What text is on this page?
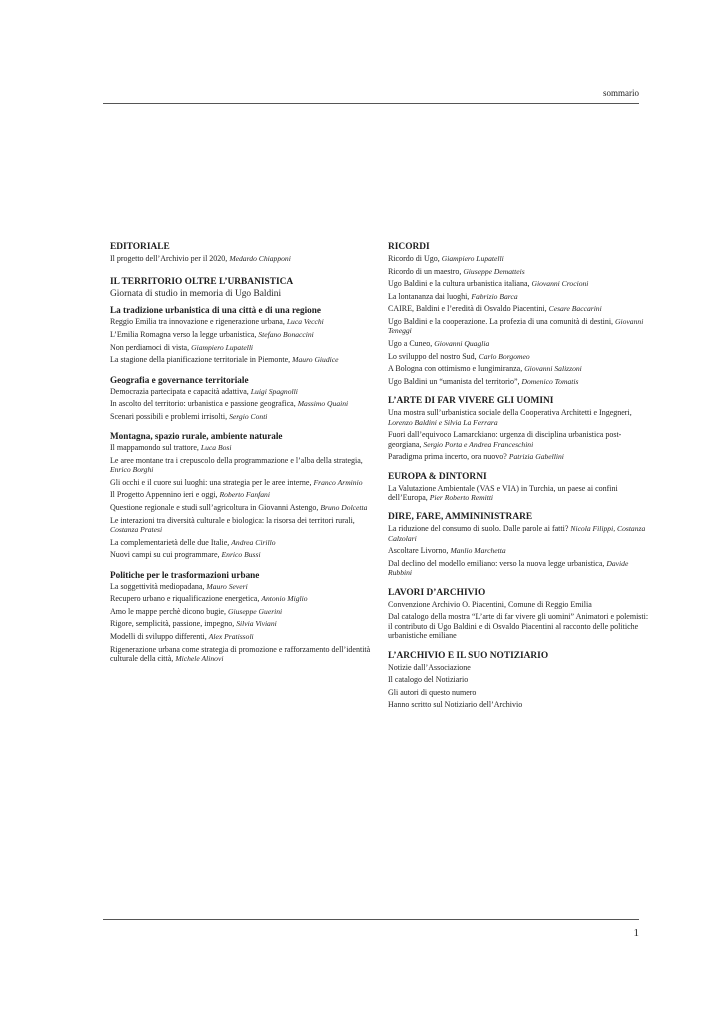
sommario
EDITORIALE
Il progetto dell’Archivio per il 2020, Medardo Chiapponi
IL TERRITORIO OLTRE L’URBANISTICA
Giornata di studio in memoria di Ugo Baldini
La tradizione urbanistica di una città e di una regione
Reggio Emilia tra innovazione e rigenerazione urbana, Luca Vecchi
L’Emilia Romagna verso la legge urbanistica, Stefano Bonaccini
Non perdiamoci di vista, Giampiero Lupatelli
La stagione della pianificazione territoriale in Piemonte, Mauro Giudice
Geografia e governance territoriale
Democrazia partecipata e capacità adattiva, Luigi Spagnolli
In ascolto del territorio: urbanistica e passione geografica, Massimo Quaini
Scenari possibili e problemi irrisolti, Sergio Conti
Montagna, spazio rurale, ambiente naturale
Il mappamondo sul trattore, Luca Bosi
Le aree montane tra i crepuscolo della programmazione e l’alba della strategia, Enrico Borghi
Gli occhi e il cuore sui luoghi: una strategia per le aree interne, Franco Arminio
Il Progetto Appennino ieri e oggi, Roberto Fanfani
Questione regionale e studi sull’agricoltura in Giovanni Astengo, Bruno Dolcetta
Le interazioni tra diversità culturale e biologica: la risorsa dei territori rurali, Costanza Pratesi
La complementarietà delle due Italie, Andrea Cirillo
Nuovi campi su cui programmare, Enrico Bussi
Politiche per le trasformazioni urbane
La soggettività mediopadana, Mauro Severi
Recupero urbano e riqualificazione energetica, Antonio Miglio
Amo le mappe perchè dicono bugie, Giuseppe Guerini
Rigore, semplicità, passione, impegno, Silvia Viviani
Modelli di sviluppo differenti, Alex Pratissoli
Rigenerazione urbana come strategia di promozione e rafforzamento dell’identità culturale della città, Michele Alinovi
RICORDI
Ricordo di Ugo, Giampiero Lupatelli
Ricordo di un maestro, Giuseppe Dematteis
Ugo Baldini e la cultura urbanistica italiana, Giovanni Crocioni
La lontananza dai luoghi, Fabrizio Barca
CAIRE, Baldini e l’eredità di Osvaldo Piacentini, Cesare Baccarini
Ugo Baldini e la cooperazione. La profezia di una comunità di destini, Giovanni Teneggi
Ugo a Cuneo, Giovanni Quaglia
Lo sviluppo del nostro Sud, Carlo Borgomeo
A Bologna con ottimismo e lungimiranza, Giovanni Salizzoni
Ugo Baldini un “umanista del territorio”, Domenico Tomatis
L’ARTE DI FAR VIVERE GLI UOMINI
Una mostra sull’urbanistica sociale della Cooperativa Architetti e Ingegneri, Lorenzo Baldini e Silvia La Ferrara
Fuori dall’equivoco Lamarckiano: urgenza di disciplina urbanistica post-georgiana, Sergio Porta e Andrea Franceschini
Paradigma prima incerto, ora nuovo? Patrizia Gabellini
EUROPA & DINTORNI
La Valutazione Ambientale (VAS e VIA) in Turchia, un paese ai confini dell’Europa, Pier Roberto Remitti
DIRE, FARE, AMMININISTRARE
La riduzione del consumo di suolo. Dalle parole ai fatti? Nicola Filippi, Costanza Calzolari
Ascoltare Livorno, Manlio Marchetta
Dal declino del modello emiliano: verso la nuova legge urbanistica, Davide Rubbini
LAVORI D’ARCHIVIO
Convenzione Archivio O. Piacentini, Comune di Reggio Emilia
Dal catalogo della mostra “L’arte di far vivere gli uomini” Animatori e polemisti: il contributo di Ugo Baldini e di Osvaldo Piacentini al racconto delle politiche urbanistiche emiliane
L’ARCHIVIO E IL SUO NOTIZIARIO
Notizie dall’Associazione
Il catalogo del Notiziario
Gli autori di questo numero
Hanno scritto sul Notiziario dell’Archivio
1
